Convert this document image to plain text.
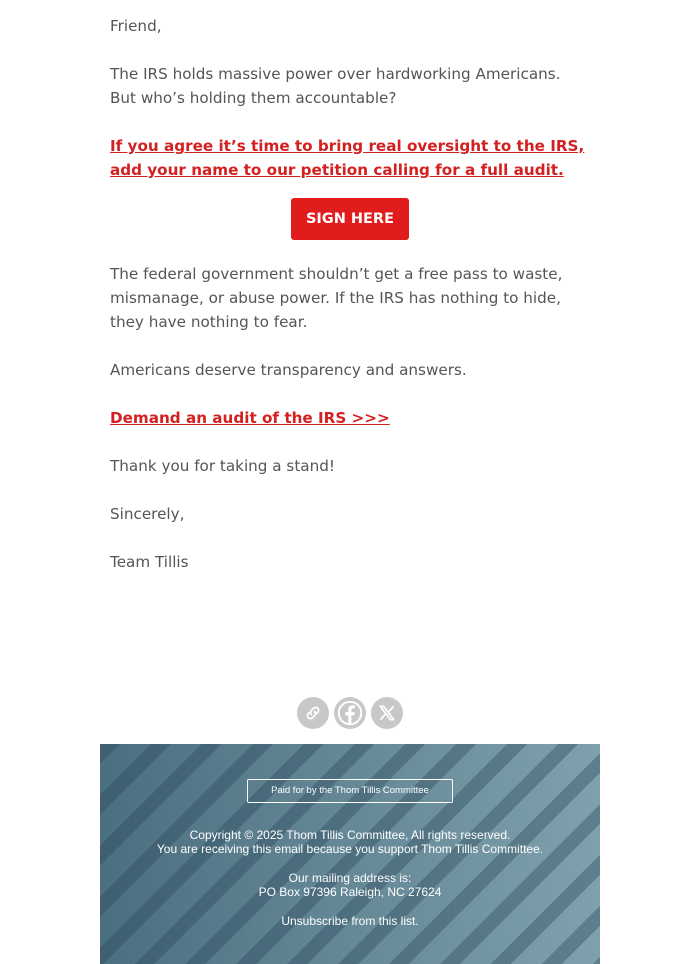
Friend,

The IRS holds massive power over hardworking Americans. But who’s holding them accountable?

If you agree it’s time to bring real oversight to the IRS, add your name to our petition calling for a full audit.

SIGN HERE

The federal government shouldn’t get a free pass to waste, mismanage, or abuse power. If the IRS has nothing to hide, they have nothing to fear.

Americans deserve transparency and answers.

Demand an audit of the IRS >>>

Thank you for taking a stand!

Sincerely,

Team Tillis

Paid for by the Thom Tillis Committee
Copyright © 2025 Thom Tillis Committee, All rights reserved.
You are receiving this email because you support Thom Tillis Committee.
Our mailing address is:
PO Box 97396 Raleigh, NC 27624
Unsubscribe from this list.
